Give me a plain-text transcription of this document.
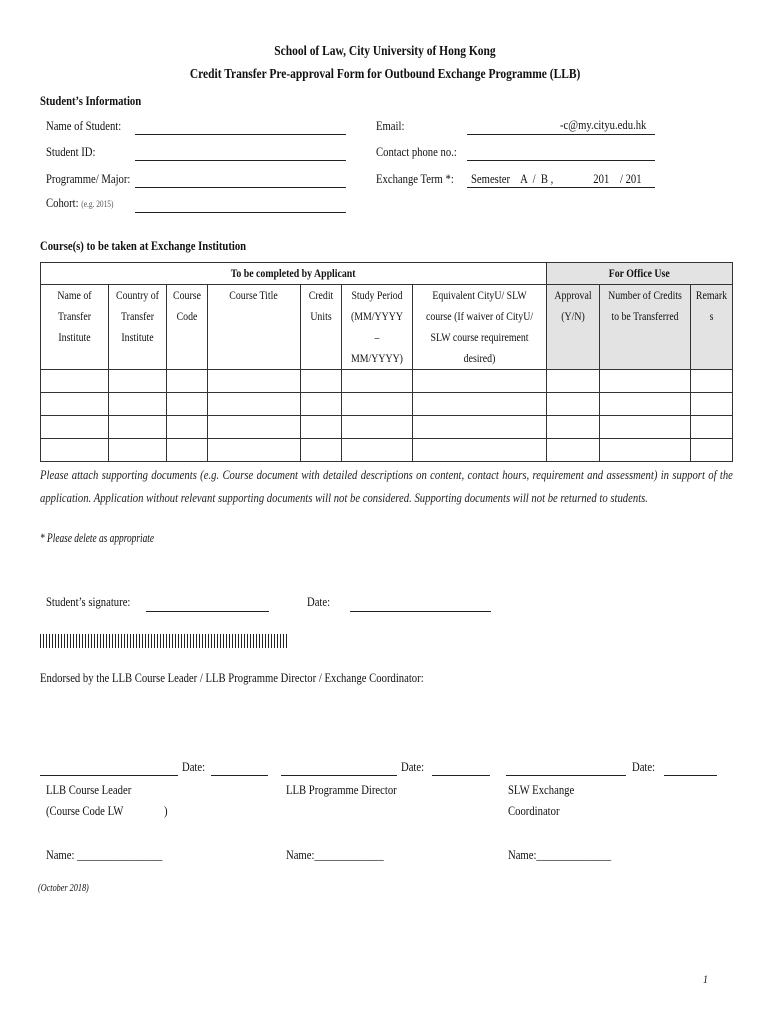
School of Law, City University of Hong Kong
Credit Transfer Pre-approval Form for Outbound Exchange Programme (LLB)
Student’s Information
Name of Student:
Student ID:
Programme/ Major:
Cohort: (e.g. 2015)
Email:	-c@my.cityu.edu.hk
Contact phone no.:
Exchange Term *:	Semester    A  /  B ,               201    / 201
Course(s) to be taken at Exchange Institution
To be completed by Applicant							For Office Use		
Name of Transfer Institute	Country of Transfer Institute	Course Code	Course Title	Credit Units	Study Period (MM/YYYY – MM/YYYY)	Equivalent CityU/ SLW course (If waiver of CityU/ SLW course requirement desired)	Approval (Y/N)	Number of Credits to be Transferred	Remarks

Please attach supporting documents (e.g. Course document with detailed descriptions on content, contact hours, requirement and assessment) in support of the application. Application without relevant supporting documents will not be considered. Supporting documents will not be returned to students.
* Please delete as appropriate
Student’s signature:	Date:
Endorsed by the LLB Course Leader / LLB Programme Director / Exchange Coordinator:
Date:	Date:	Date:
LLB Course Leader
(Course Code LW	)
LLB Programme Director	SLW Exchange
Coordinator
Name: ________________	Name:_____________	Name:______________
(October 2018)
1
